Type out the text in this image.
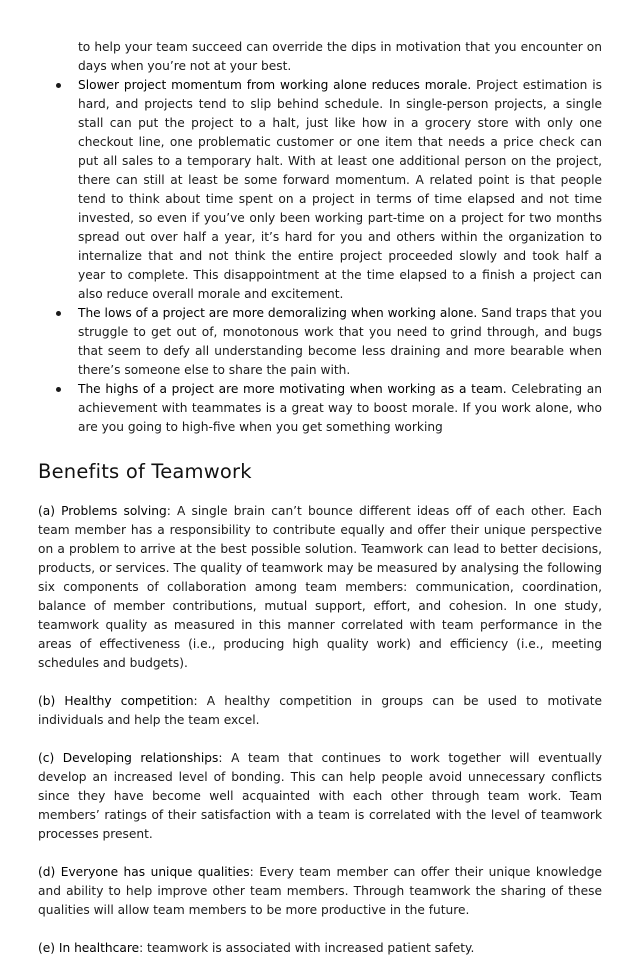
to help your team succeed can override the dips in motivation that you encounter on days when you’re not at your best.

Slower project momentum from working alone reduces morale. Project estimation is hard, and projects tend to slip behind schedule. In single-person projects, a single stall can put the project to a halt, just like how in a grocery store with only one checkout line, one problematic customer or one item that needs a price check can put all sales to a temporary halt. With at least one additional person on the project, there can still at least be some forward momentum. A related point is that people tend to think about time spent on a project in terms of time elapsed and not time invested, so even if you’ve only been working part-time on a project for two months spread out over half a year, it’s hard for you and others within the organization to internalize that and not think the entire project proceeded slowly and took half a year to complete. This disappointment at the time elapsed to a finish a project can also reduce overall morale and excitement.
The lows of a project are more demoralizing when working alone. Sand traps that you struggle to get out of, monotonous work that you need to grind through, and bugs that seem to defy all understanding become less draining and more bearable when there’s someone else to share the pain with.
The highs of a project are more motivating when working as a team. Celebrating an achievement with teammates is a great way to boost morale. If you work alone, who are you going to high-five when you get something working
Benefits of Teamwork

(a) Problems solving: A single brain can’t bounce different ideas off of each other. Each team member has a responsibility to contribute equally and offer their unique perspective on a problem to arrive at the best possible solution. Teamwork can lead to better decisions, products, or services. The quality of teamwork may be measured by analysing the following six components of collaboration among team members: communication, coordination, balance of member contributions, mutual support, effort, and cohesion. In one study, teamwork quality as measured in this manner correlated with team performance in the areas of effectiveness (i.e., producing high quality work) and efficiency (i.e., meeting schedules and budgets).

(b) Healthy competition: A healthy competition in groups can be used to motivate individuals and help the team excel.

(c) Developing relationships: A team that continues to work together will eventually develop an increased level of bonding. This can help people avoid unnecessary conflicts since they have become well acquainted with each other through team work. Team members’ ratings of their satisfaction with a team is correlated with the level of teamwork processes present.

(d) Everyone has unique qualities: Every team member can offer their unique knowledge and ability to help improve other team members. Through teamwork the sharing of these qualities will allow team members to be more productive in the future.

(e) In healthcare: teamwork is associated with increased patient safety.
